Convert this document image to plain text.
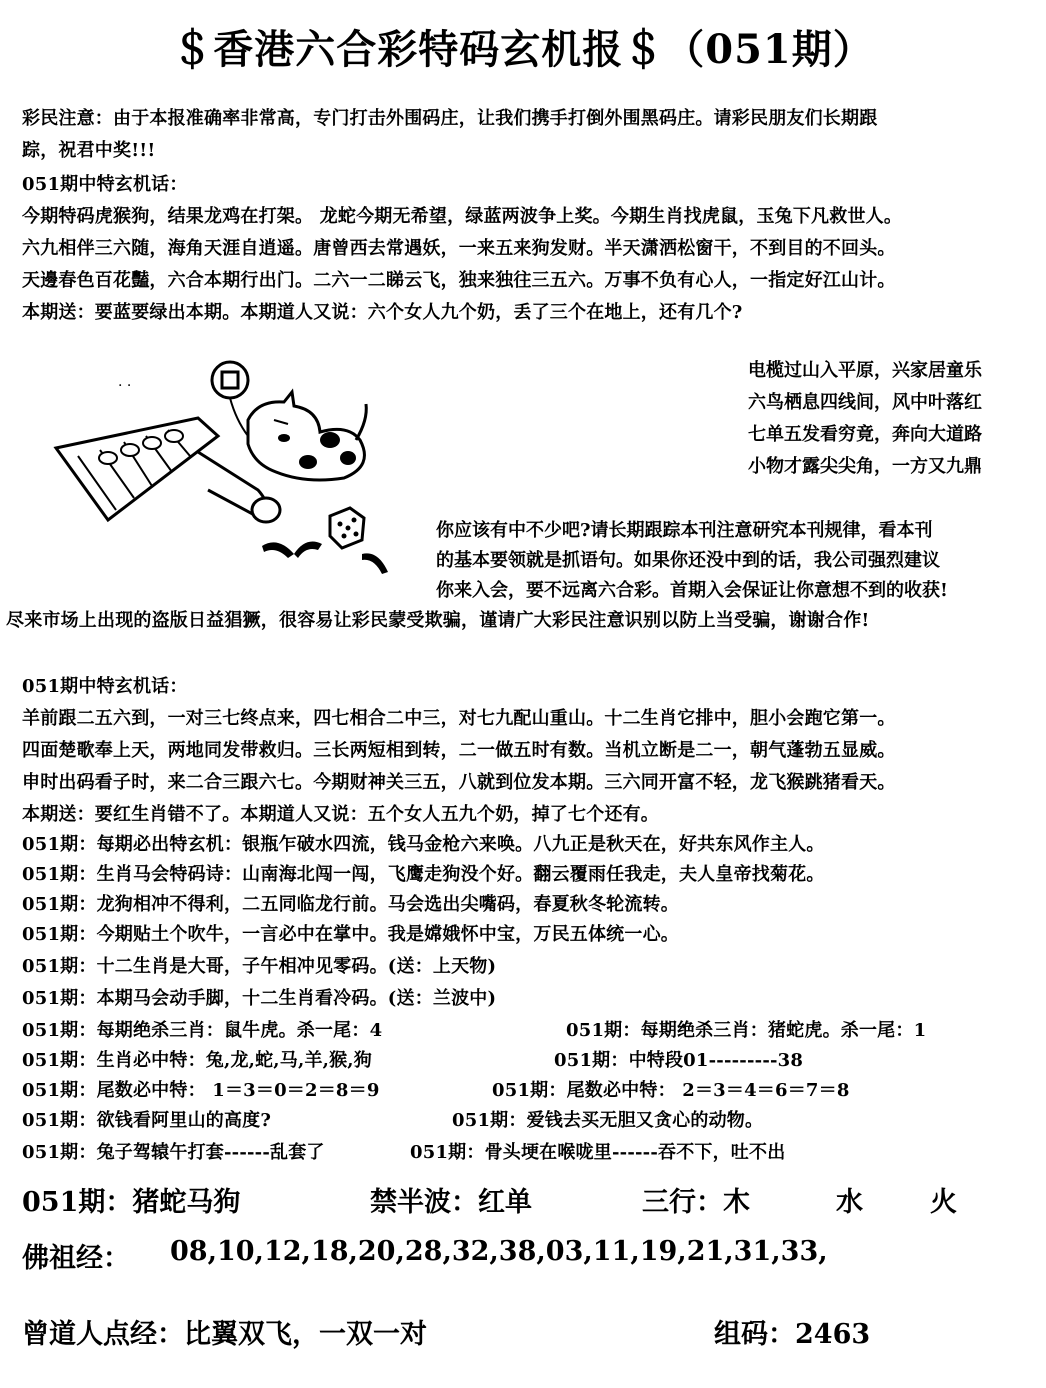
＄香港六合彩特码玄机报＄（051期）
彩民注意：由于本报准确率非常高，专门打击外围码庄，让我们携手打倒外围黑码庄。请彩民朋友们长期跟
踪，祝君中奖!!!
051期中特玄机话：
今期特码虎猴狗，结果龙鸡在打架。 龙蛇今期无希望，绿蓝两波争上奖。今期生肖找虎鼠，玉兔下凡救世人。
六九相伴三六随，海角天涯自逍遥。唐曾西去常遇妖，一来五来狗发财。半天潇洒松窗干，不到目的不回头。
天邊春色百花豔，六合本期行出门。二六一二睇云飞，独来独往三五六。万事不负有心人，一指定好江山计。
本期送：要蓝要绿出本期。本期道人又说：六个女人九个奶，丢了三个在地上，还有几个?
· ·
电榄过山入平原，兴家居童乐
六鸟栖息四线间，风中叶落红
七单五发看穷竟，奔向大道路
小物才露尖尖角，一方又九鼎
你应该有中不少吧?请长期跟踪本刊注意研究本刊规律，看本刊
的基本要领就是抓语句。如果你还没中到的话，我公司强烈建议
你来入会，要不远离六合彩。首期入会保证让你意想不到的收获!
尽来市场上出现的盗版日益猖獗，很容易让彩民蒙受欺骗，谨请广大彩民注意识别以防上当受骗，谢谢合作!
051期中特玄机话：
羊前跟二五六到，一对三七终点来，四七相合二中三，对七九配山重山。十二生肖它排中，胆小会跑它第一。
四面楚歌奉上天，两地同发带救归。三长两短相到转，二一做五时有数。当机立断是二一，朝气蓬勃五显威。
申时出码看子时，来二合三跟六七。今期财神关三五，八就到位发本期。三六同开富不轻，龙飞猴跳猪看天。
本期送：要红生肖错不了。本期道人又说：五个女人五九个奶，掉了七个还有。
051期：每期必出特玄机：银瓶乍破水四流，钱马金枪六来唤。八九正是秋天在，好共东风作主人。
051期：生肖马会特码诗：山南海北闯一闯，飞鹰走狗没个好。翻云覆雨任我走，夫人皇帝找菊花。
051期：龙狗相冲不得利，二五同临龙行前。马会选出尖嘴码，春夏秋冬轮流转。
051期：今期贴土个吹牛，一言必中在掌中。我是嫦娥怀中宝，万民五体统一心。
051期：十二生肖是大哥，子午相冲见零码。(送：上天物)
051期：本期马会动手脚，十二生肖看冷码。(送：兰波中)
051期：每期绝杀三肖：鼠牛虎。杀一尾：4	051期：每期绝杀三肖：猪蛇虎。杀一尾：1
051期：生肖必中特：兔,龙,蛇,马,羊,猴,狗	051期：中特段01---------38
051期：尾数必中特： 1＝3＝0＝2＝8＝9	051期：尾数必中特： 2＝3＝4＝6＝7＝8
051期：欲钱看阿里山的高度?	051期：爱钱去买无胆又贪心的动物。
051期：兔子驾辕午打套------乱套了	051期：骨头埂在喉咙里------吞不下，吐不出
051期：猪蛇马狗	禁半波：红单	三行：木	水 火
佛祖经： 08,10,12,18,20,28,32,38,03,11,19,21,31,33,
曾道人点经：比翼双飞，一双一对	组码：2463
